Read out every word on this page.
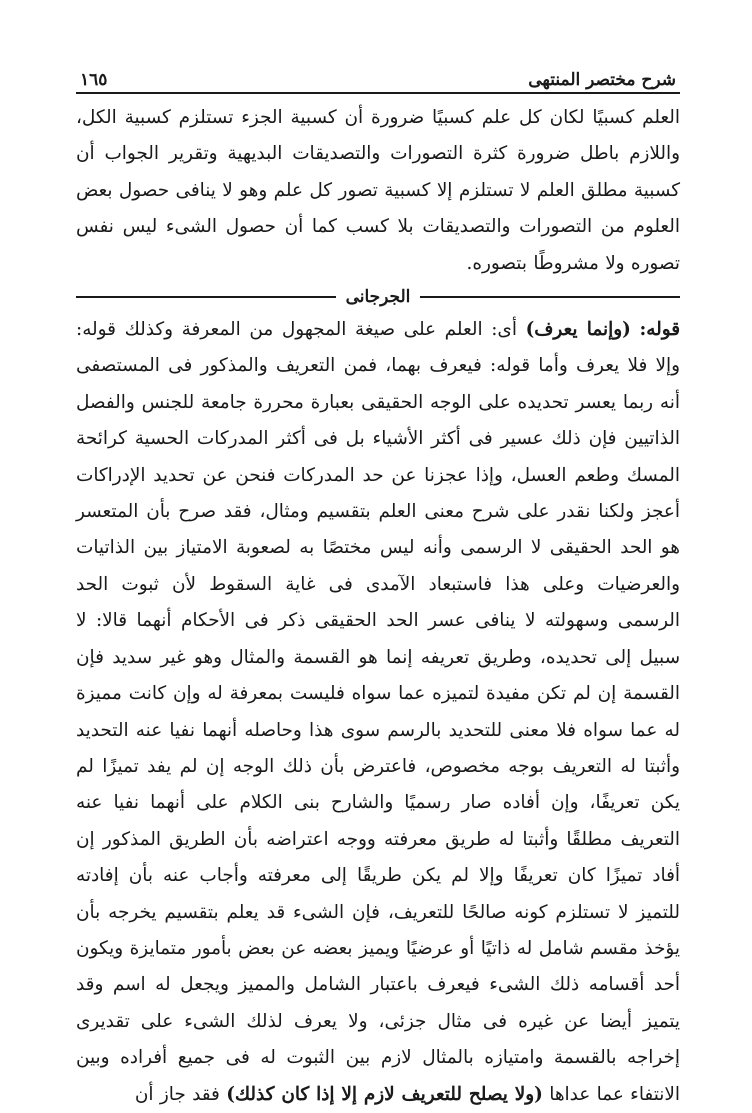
شرح مختصر المنتهى
١٦٥

العلم كسبيًا لكان كل علم كسبيًا ضرورة أن كسبية الجزء تستلزم كسبية الكل، واللازم باطل ضرورة كثرة التصورات والتصديقات البديهية وتقرير الجواب أن كسبية مطلق العلم لا تستلزم إلا كسبية تصور كل علم وهو لا ينافى حصول بعض العلوم من التصورات والتصديقات بلا كسب كما أن حصول الشىء ليس نفس تصوره ولا مشروطًا بتصوره.

الجرجانى

قوله: (وإنما يعرف) أى: العلم على صيغة المجهول من المعرفة وكذلك قوله: وإلا فلا يعرف وأما قوله: فيعرف بهما، فمن التعريف والمذكور فى المستصفى أنه ربما يعسر تحديده على الوجه الحقيقى بعبارة محررة جامعة للجنس والفصل الذاتيين فإن ذلك عسير فى أكثر الأشياء بل فى أكثر المدركات الحسية كرائحة المسك وطعم العسل، وإذا عجزنا عن حد المدركات فنحن عن تحديد الإدراكات أعجز ولكنا نقدر على شرح معنى العلم بتقسيم ومثال، فقد صرح بأن المتعسر هو الحد الحقيقى لا الرسمى وأنه ليس مختصًا به لصعوبة الامتياز بين الذاتيات والعرضيات وعلى هذا فاستبعاد الآمدى فى غاية السقوط لأن ثبوت الحد الرسمى وسهولته لا ينافى عسر الحد الحقيقى ذكر فى الأحكام أنهما قالا: لا سبيل إلى تحديده، وطريق تعريفه إنما هو القسمة والمثال وهو غير سديد فإن القسمة إن لم تكن مفيدة لتميزه عما سواه فليست بمعرفة له وإن كانت مميزة له عما سواه فلا معنى للتحديد بالرسم سوى هذا وحاصله أنهما نفيا عنه التحديد وأثبتا له التعريف بوجه مخصوص، فاعترض بأن ذلك الوجه إن لم يفد تميزًا لم يكن تعريفًا، وإن أفاده صار رسميًا والشارح بنى الكلام على أنهما نفيا عنه التعريف مطلقًا وأثبتا له طريق معرفته ووجه اعتراضه بأن الطريق المذكور إن أفاد تميزًا كان تعريفًا وإلا لم يكن طريقًا إلى معرفته وأجاب عنه بأن إفادته للتميز لا تستلزم كونه صالحًا للتعريف، فإن الشىء قد يعلم بتقسيم يخرجه بأن يؤخذ مقسم شامل له ذاتيًا أو عرضيًا ويميز بعضه عن بعض بأمور متمايزة ويكون أحد أقسامه ذلك الشىء فيعرف باعتبار الشامل والمميز ويجعل له اسم وقد يتميز أيضا عن غيره فى مثال جزئى، ولا يعرف لذلك الشىء على تقديرى إخراجه بالقسمة وامتيازه بالمثال لازم بين الثبوت له فى جميع أفراده وبين الانتفاء عما عداها (ولا يصلح للتعريف لازم إلا إذا كان كذلك) فقد جاز أن
